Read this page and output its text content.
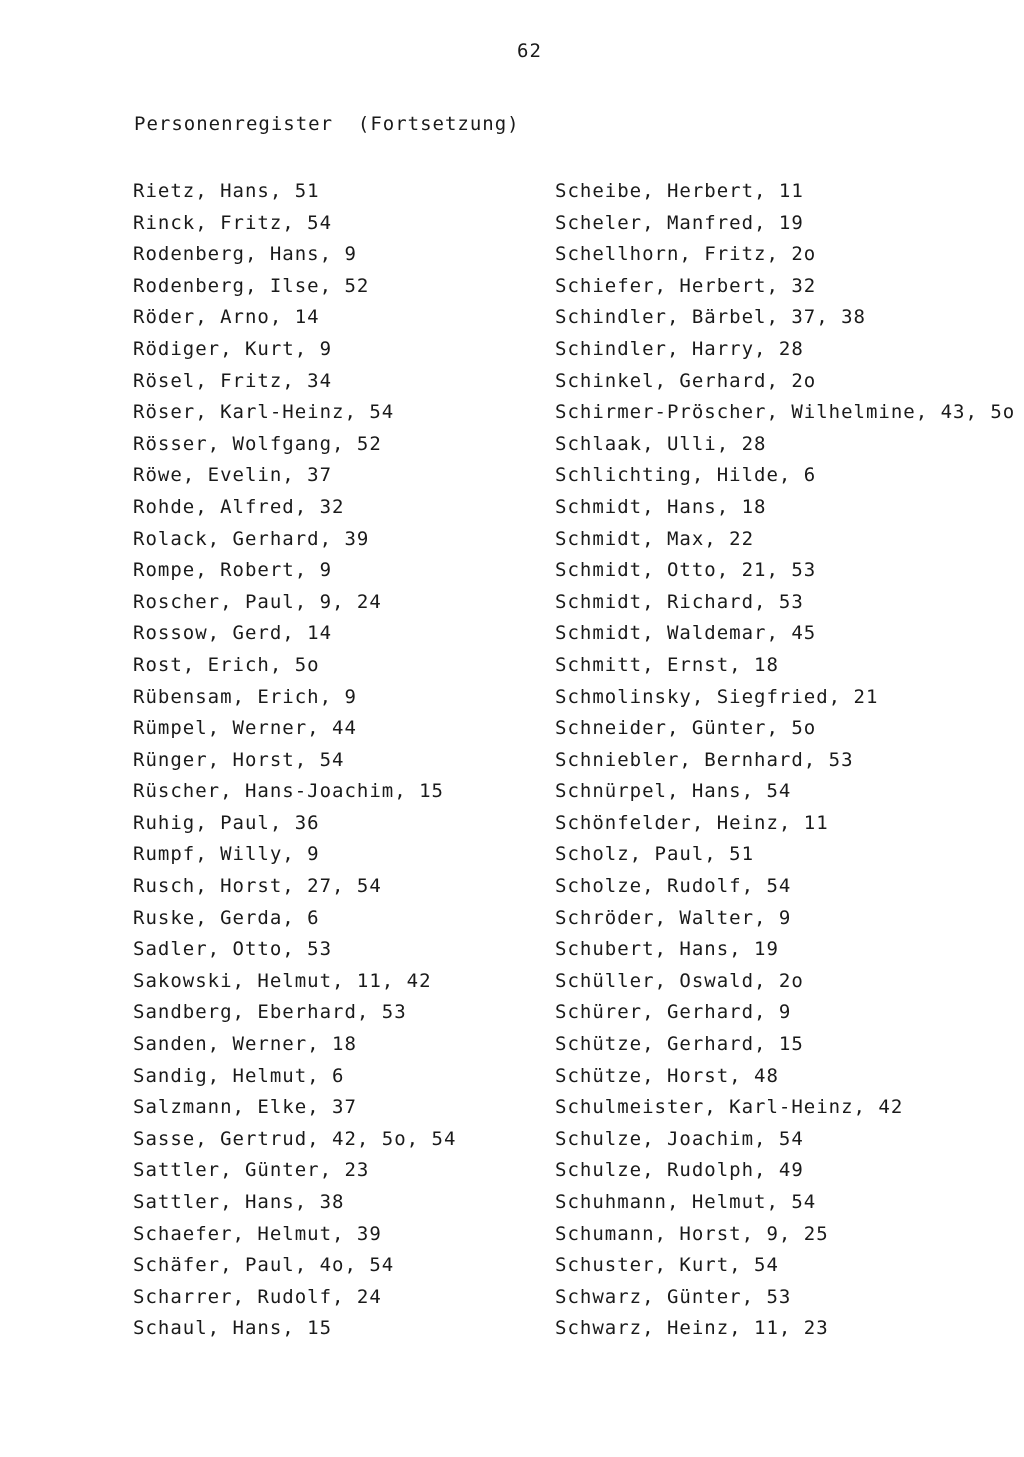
62
Personenregister  (Fortsetzung)
Rietz, Hans, 51
Rinck, Fritz, 54
Rodenberg, Hans, 9
Rodenberg, Ilse, 52
Röder, Arno, 14
Rödiger, Kurt, 9
Rösel, Fritz, 34
Röser, Karl-Heinz, 54
Rösser, Wolfgang, 52
Röwe, Evelin, 37
Rohde, Alfred, 32
Rolack, Gerhard, 39
Rompe, Robert, 9
Roscher, Paul, 9, 24
Rossow, Gerd, 14
Rost, Erich, 5o
Rübensam, Erich, 9
Rümpel, Werner, 44
Rünger, Horst, 54
Rüscher, Hans-Joachim, 15
Ruhig, Paul, 36
Rumpf, Willy, 9
Rusch, Horst, 27, 54
Ruske, Gerda, 6
Sadler, Otto, 53
Sakowski, Helmut, 11, 42
Sandberg, Eberhard, 53
Sanden, Werner, 18
Sandig, Helmut, 6
Salzmann, Elke, 37
Sasse, Gertrud, 42, 5o, 54
Sattler, Günter, 23
Sattler, Hans, 38
Schaefer, Helmut, 39
Schäfer, Paul, 4o, 54
Scharrer, Rudolf, 24
Schaul, Hans, 15
Scheibe, Herbert, 11
Scheler, Manfred, 19
Schellhorn, Fritz, 2o
Schiefer, Herbert, 32
Schindler, Bärbel, 37, 38
Schindler, Harry, 28
Schinkel, Gerhard, 2o
Schirmer-Pröscher, Wilhelmine, 43, 5o
Schlaak, Ulli, 28
Schlichting, Hilde, 6
Schmidt, Hans, 18
Schmidt, Max, 22
Schmidt, Otto, 21, 53
Schmidt, Richard, 53
Schmidt, Waldemar, 45
Schmitt, Ernst, 18
Schmolinsky, Siegfried, 21
Schneider, Günter, 5o
Schniebler, Bernhard, 53
Schnürpel, Hans, 54
Schönfelder, Heinz, 11
Scholz, Paul, 51
Scholze, Rudolf, 54
Schröder, Walter, 9
Schubert, Hans, 19
Schüller, Oswald, 2o
Schürer, Gerhard, 9
Schütze, Gerhard, 15
Schütze, Horst, 48
Schulmeister, Karl-Heinz, 42
Schulze, Joachim, 54
Schulze, Rudolph, 49
Schuhmann, Helmut, 54
Schumann, Horst, 9, 25
Schuster, Kurt, 54
Schwarz, Günter, 53
Schwarz, Heinz, 11, 23
